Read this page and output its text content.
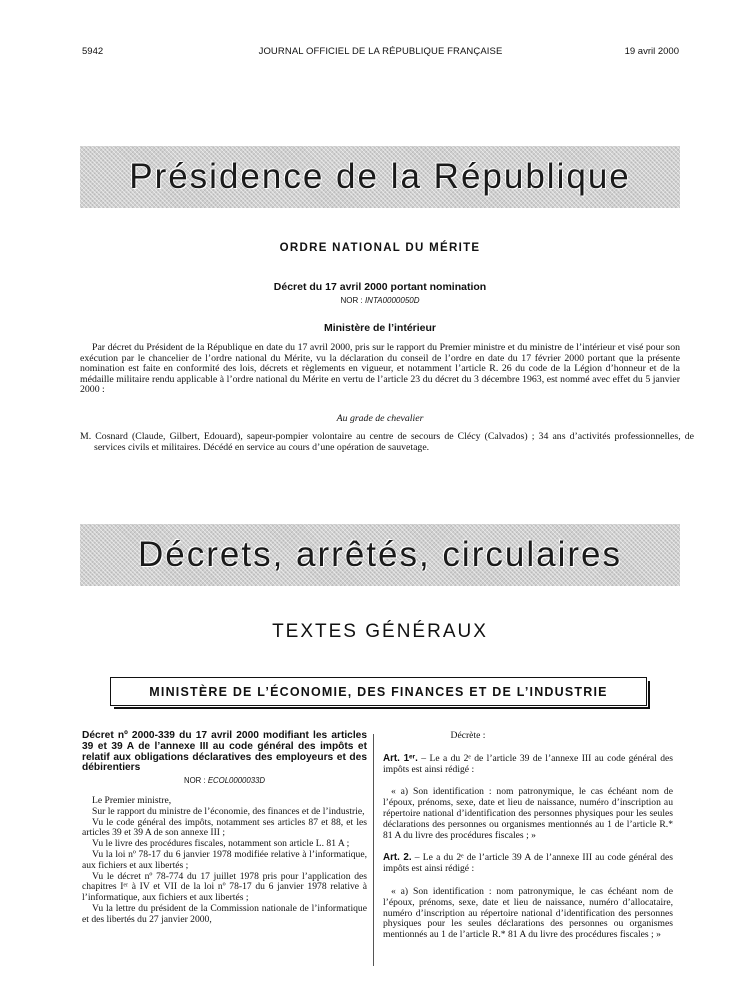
5942	JOURNAL OFFICIEL DE LA RÉPUBLIQUE FRANÇAISE	19 avril 2000
Présidence de la République
ORDRE NATIONAL DU MÉRITE
Décret du 17 avril 2000 portant nomination
NOR : INTA0000050D
Ministère de l’intérieur
Par décret du Président de la République en date du 17 avril 2000, pris sur le rapport du Premier ministre et du ministre de l’intérieur et visé pour son exécution par le chancelier de l’ordre national du Mérite, vu la déclaration du conseil de l’ordre en date du 17 février 2000 portant que la présente nomination est faite en conformité des lois, décrets et règlements en vigueur, et notamment l’article R. 26 du code de la Légion d’honneur et de la médaille militaire rendu applicable à l’ordre national du Mérite en vertu de l’article 23 du décret du 3 décembre 1963, est nommé avec effet du 5 janvier 2000 :
Au grade de chevalier
M. Cosnard (Claude, Gilbert, Edouard), sapeur-pompier volontaire au centre de secours de Clécy (Calvados) ; 34 ans d’activités professionnelles, de services civils et militaires. Décédé en service au cours d’une opération de sauvetage.
Décrets, arrêtés, circulaires
TEXTES GÉNÉRAUX
MINISTÈRE DE L’ÉCONOMIE, DES FINANCES ET DE L’INDUSTRIE
Décret nº 2000-339 du 17 avril 2000 modifiant les articles 39 et 39 A de l’annexe III au code général des impôts et relatif aux obligations déclaratives des employeurs et des débirentiers
NOR : ECOL0000033D

Le Premier ministre,

Sur le rapport du ministre de l’économie, des finances et de l’industrie,

Vu le code général des impôts, notamment ses articles 87 et 88, et les articles 39 et 39 A de son annexe III ;

Vu le livre des procédures fiscales, notamment son article L. 81 A ;

Vu la loi nº 78-17 du 6 janvier 1978 modifiée relative à l’informatique, aux fichiers et aux libertés ;

Vu le décret nº 78-774 du 17 juillet 1978 pris pour l’application des chapitres Iᵉʳ à IV et VII de la loi nº 78-17 du 6 janvier 1978 relative à l’informatique, aux fichiers et aux libertés ;

Vu la lettre du président de la Commission nationale de l’informatique et des libertés du 27 janvier 2000,

Décrète :

Art. 1ᵉʳ. – Le a du 2ᵉ de l’article 39 de l’annexe III au code général des impôts est ainsi rédigé :

« a) Son identification : nom patronymique, le cas échéant nom de l’époux, prénoms, sexe, date et lieu de naissance, numéro d’inscription au répertoire national d’identification des personnes physiques pour les seules déclarations des personnes ou organismes mentionnés au 1 de l’article R.* 81 A du livre des procédures fiscales ; »

Art. 2. – Le a du 2ᵉ de l’article 39 A de l’annexe III au code général des impôts est ainsi rédigé :

« a) Son identification : nom patronymique, le cas échéant nom de l’époux, prénoms, sexe, date et lieu de naissance, numéro d’allocataire, numéro d’inscription au répertoire national d’identification des personnes physiques pour les seules déclarations des personnes ou organismes mentionnés au 1 de l’article R.* 81 A du livre des procédures fiscales ; »
